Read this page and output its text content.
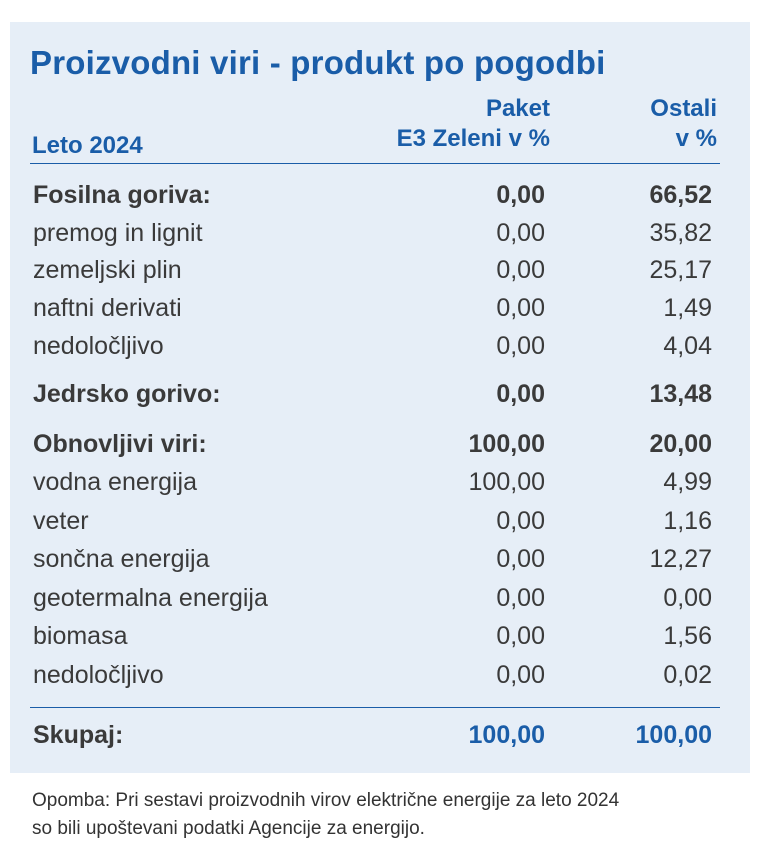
Proizvodni viri - produkt po pogodbi
Leto 2024
Paket
E3 Zeleni v %
Ostali
v %
Fosilna goriva:	0,00	66,52
premog in lignit	0,00	35,82
zemeljski plin	0,00	25,17
naftni derivati	0,00	1,49
nedoločljivo	0,00	4,04
Jedrsko gorivo:	0,00	13,48
Obnovljivi viri:	100,00	20,00
vodna energija	100,00	4,99
veter	0,00	1,16
sončna energija	0,00	12,27
geotermalna energija	0,00	0,00
biomasa	0,00	1,56
nedoločljivo	0,00	0,02
Skupaj:	100,00	100,00
Opomba: Pri sestavi proizvodnih virov električne energije za leto 2024
so bili upoštevani podatki Agencije za energijo.
